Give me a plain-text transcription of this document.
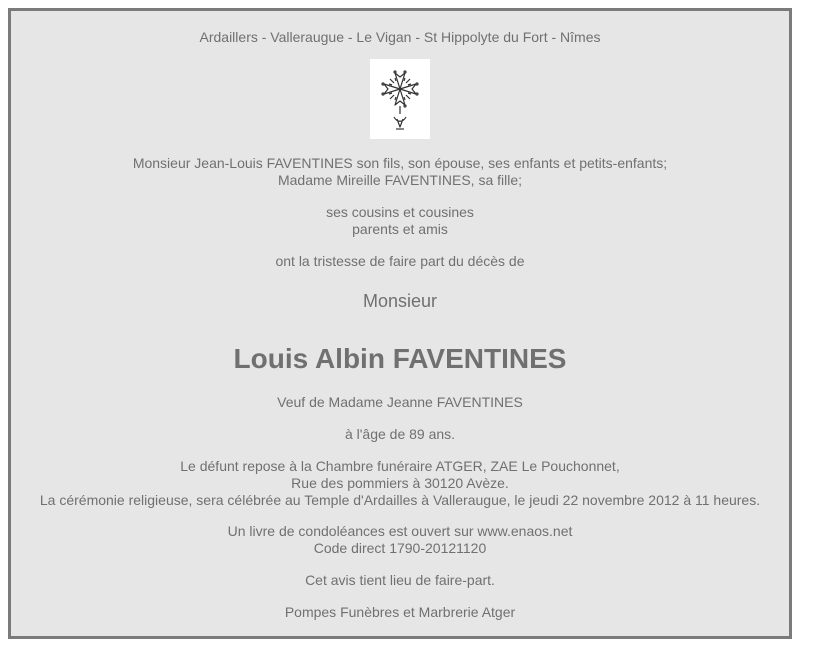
Ardaillers - Valleraugue - Le Vigan - St Hippolyte du Fort - Nîmes
Monsieur Jean-Louis FAVENTINES son fils, son épouse, ses enfants et petits-enfants;
Madame Mireille FAVENTINES, sa fille;
ses cousins et cousines
parents et amis
ont la tristesse de faire part du décès de
Monsieur
Louis Albin FAVENTINES
Veuf de Madame Jeanne FAVENTINES
à l'âge de 89 ans.
Le défunt repose à la Chambre funéraire ATGER, ZAE Le Pouchonnet,
Rue des pommiers à 30120 Avèze.
La cérémonie religieuse, sera célébrée au Temple d'Ardailles à Valleraugue, le jeudi 22 novembre 2012 à 11 heures.
Un livre de condoléances est ouvert sur www.enaos.net
Code direct 1790-20121120
Cet avis tient lieu de faire-part.
Pompes Funèbres et Marbrerie Atger
